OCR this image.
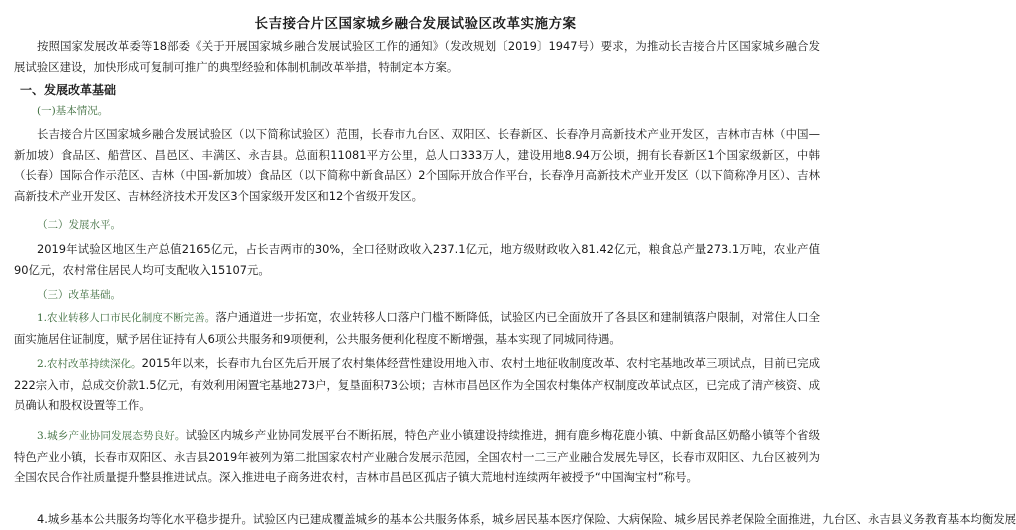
长吉接合片区国家城乡融合发展试验区改革实施方案

按照国家发展改革委等18部委《关于开展国家城乡融合发展试验区工作的通知》（发改规划〔2019〕1947号）要求，为推动长吉接合片区国家城乡融合发展试验区建设，加快形成可复制可推广的典型经验和体制机制改革举措，特制定本方案。

一、发展改革基础

(一)基本情况。

长吉接合片区国家城乡融合发展试验区（以下简称试验区）范围，长春市九台区、双阳区、长春新区、长春净月高新技术产业开发区，吉林市吉林（中国—新加坡）食品区、船营区、昌邑区、丰满区、永吉县。总面积11081平方公里，总人口333万人，建设用地8.94万公顷，拥有长春新区1个国家级新区，中韩（长春）国际合作示范区、吉林（中国-新加坡）食品区（以下简称中新食品区）2个国际开放合作平台，长春净月高新技术产业开发区（以下简称净月区）、吉林高新技术产业开发区、吉林经济技术开发区3个国家级开发区和12个省级开发区。

（二）发展水平。

2019年试验区地区生产总值2165亿元，占长吉两市的30%，全口径财政收入237.1亿元，地方级财政收入81.42亿元，粮食总产量273.1万吨，农业产值90亿元，农村常住居民人均可支配收入15107元。

（三）改革基础。

1.农业转移人口市民化制度不断完善。落户通道进一步拓宽，农业转移人口落户门槛不断降低，试验区内已全面放开了各县区和建制镇落户限制，对常住人口全面实施居住证制度，赋予居住证持有人6项公共服务和9项便利，公共服务便利化程度不断增强，基本实现了同城同待遇。

2.农村改革持续深化。2015年以来，长春市九台区先后开展了农村集体经营性建设用地入市、农村土地征收制度改革、农村宅基地改革三项试点，目前已完成222宗入市，总成交价款1.5亿元，有效利用闲置宅基地273户，复垦面积73公顷；吉林市昌邑区作为全国农村集体产权制度改革试点区，已完成了清产核资、成员确认和股权设置等工作。

3.城乡产业协同发展态势良好。试验区内城乡产业协同发展平台不断拓展，特色产业小镇建设持续推进，拥有鹿乡梅花鹿小镇、中新食品区奶酪小镇等个省级特色产业小镇，长春市双阳区、永吉县2019年被列为第二批国家农村产业融合发展示范园，全国农村一二三产业融合发展先导区，长春市双阳区、九台区被列为全国农民合作社质量提升整县推进试点。深入推进电子商务进农村，吉林市昌邑区孤店子镇大荒地村连续两年被授予“中国淘宝村”称号。

4.城乡基本公共服务均等化水平稳步提升。试验区内已建成覆盖城乡的基本公共服务体系，城乡居民基本医疗保险、大病保险、城乡居民养老保险全面推进，九台区、永吉县义务教育基本均衡发展
